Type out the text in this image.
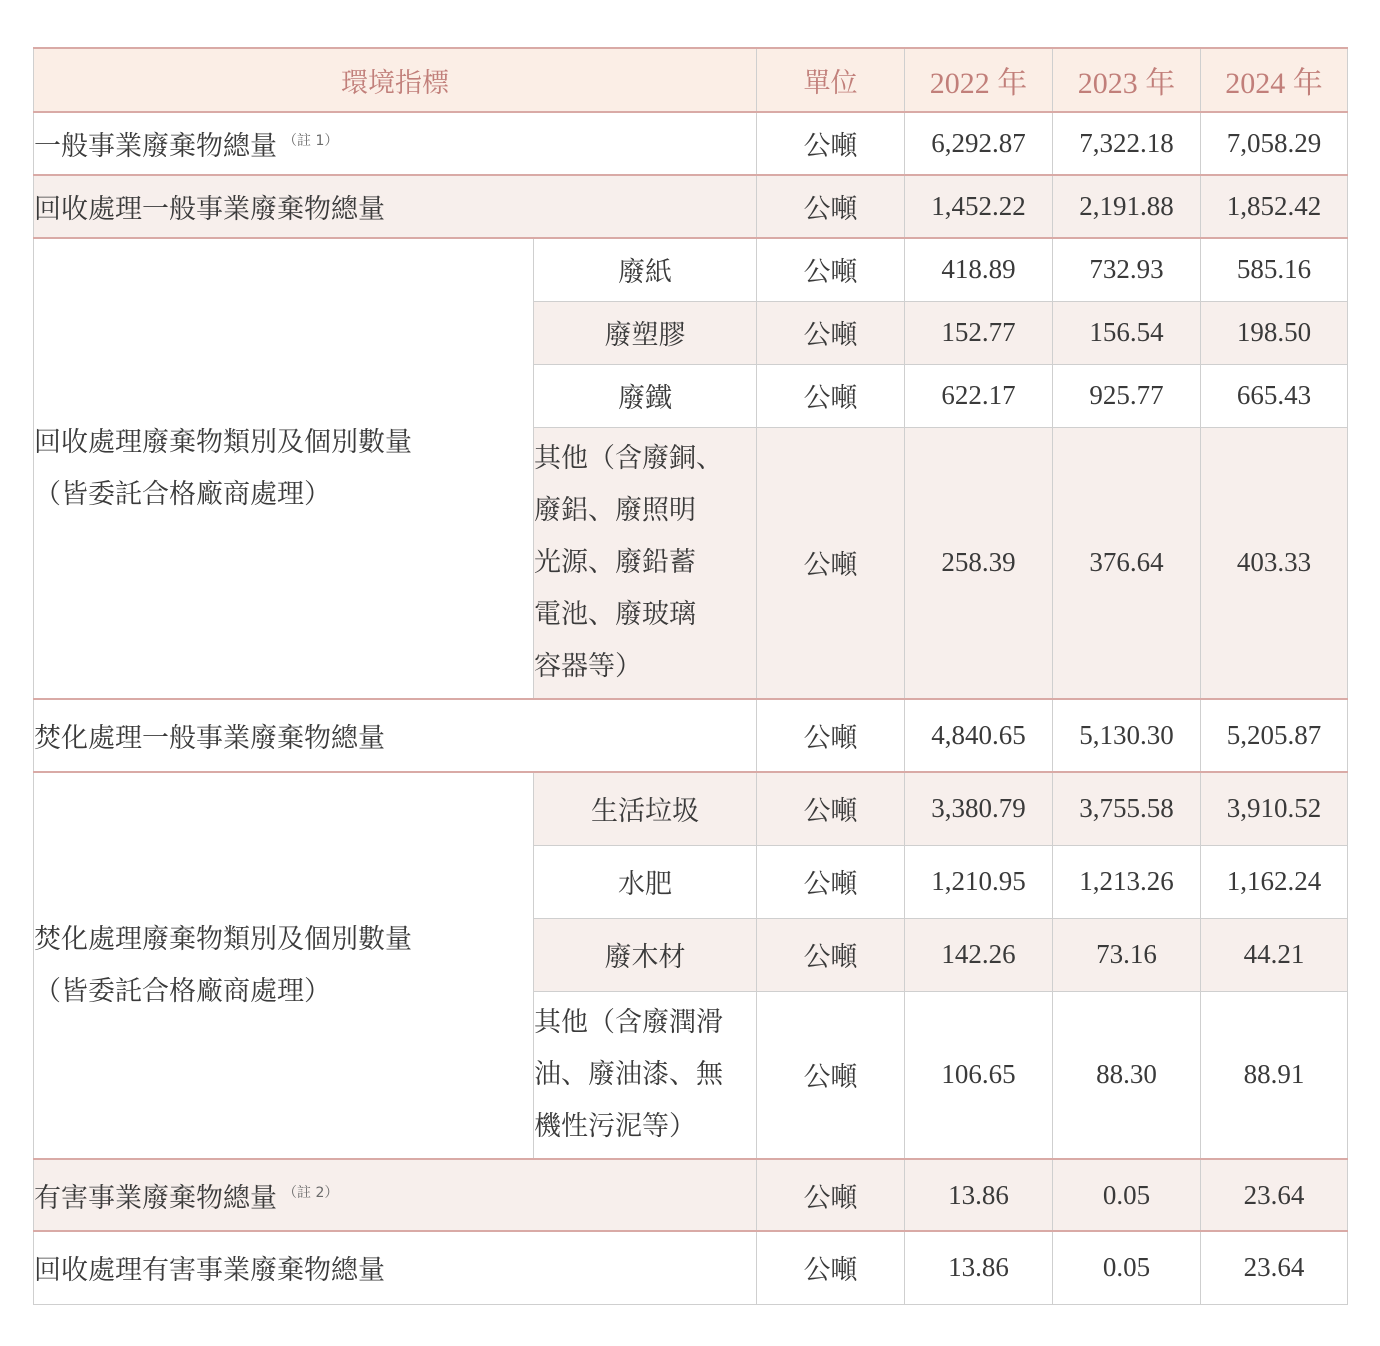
環境指標		單位	2022 年	2023 年	2024 年
一般事業廢棄物總量 $^{(註 1)}$		公噸	6,292.87	7,322.18	7,058.29
回收處理一般事業廢棄物總量		公噸	1,452.22	2,191.88	1,852.42
回收處理廢棄物類別及個別數量
（皆委託合格廠商處理）	廢紙	公噸	418.89	732.93	585.16
	廢塑膠	公噸	152.77	156.54	198.50
	廢鐵	公噸	622.17	925.77	665.43
	其他（含廢銅、
廢鋁、廢照明
光源、廢鉛蓄
電池、廢玻璃
容器等）	公噸	258.39	376.64	403.33
焚化處理一般事業廢棄物總量		公噸	4,840.65	5,130.30	5,205.87
焚化處理廢棄物類別及個別數量
（皆委託合格廠商處理）	生活垃圾	公噸	3,380.79	3,755.58	3,910.52
	水肥	公噸	1,210.95	1,213.26	1,162.24
	廢木材	公噸	142.26	73.16	44.21
	其他（含廢潤滑
油、廢油漆、無
機性污泥等）	公噸	106.65	88.30	88.91
有害事業廢棄物總量 $^{(註 2)}$		公噸	13.86	0.05	23.64
回收處理有害事業廢棄物總量		公噸	13.86	0.05	23.64
